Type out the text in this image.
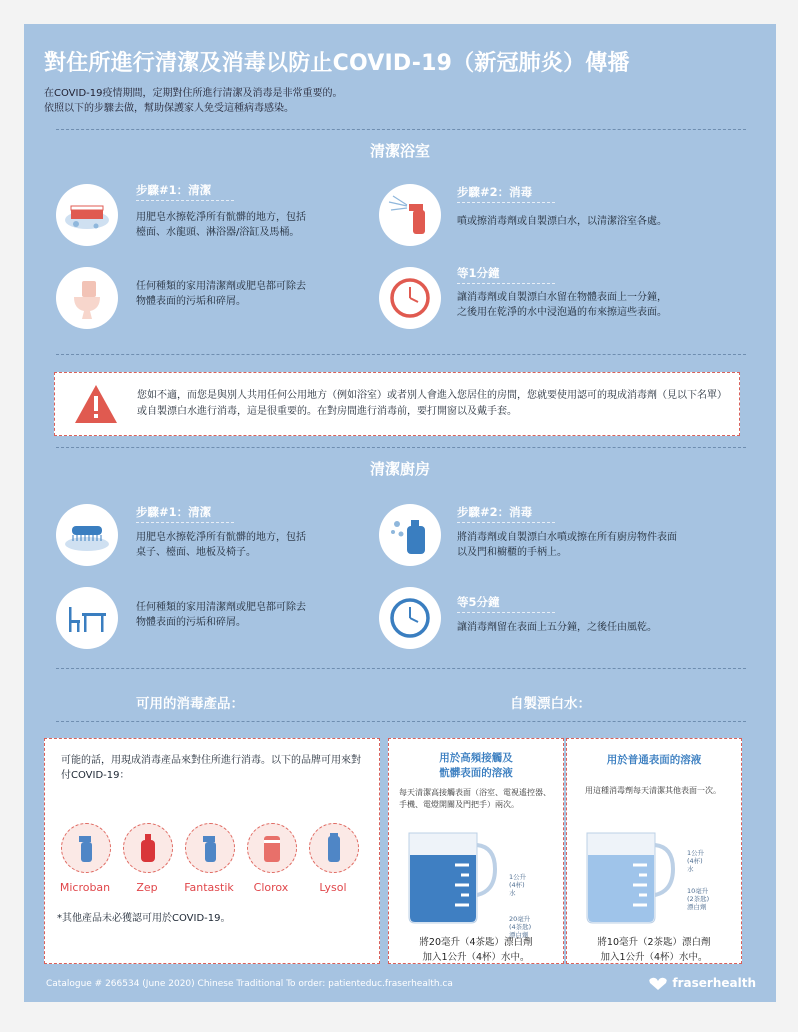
對住所進行清潔及消毒以防止COVID-19（新冠肺炎）傳播
在COVID-19疫情期間，定期對住所進行清潔及消毒是非常重要的。
依照以下的步驟去做，幫助保護家人免受這種病毒感染。
清潔浴室
步驟#1：清潔
用肥皂水擦乾淨所有骯髒的地方，包括
檯面、水龍頭、淋浴器/浴缸及馬桶。
步驟#2：消毒
噴或擦消毒劑或自製漂白水，以清潔浴室各處。
任何種類的家用清潔劑或肥皂都可除去
物體表面的污垢和碎屑。
等1分鐘
讓消毒劑或自製漂白水留在物體表面上一分鐘，
之後用在乾淨的水中浸泡過的布來擦這些表面。
您如不適，而您是與別人共用任何公用地方（例如浴室）或者別人會進入您居住的房間，您就要使用認可的現成消毒劑（見以下名單）或自製漂白水進行消毒，這是很重要的。在對房間進行消毒前，要打開窗以及戴手套。
清潔廚房
步驟#1：清潔
用肥皂水擦乾淨所有骯髒的地方，包括
桌子、檯面、地板及椅子。
步驟#2：消毒
將消毒劑或自製漂白水噴或擦在所有廚房物件表面
以及門和櫥櫃的手柄上。
任何種類的家用清潔劑或肥皂都可除去
物體表面的污垢和碎屑。
等5分鐘
讓消毒劑留在表面上五分鐘，之後任由風乾。
可用的消毒產品：	自製漂白水：
可能的話，用現成消毒產品來對住所進行消毒。以下的品牌可用來對付COVID-19：
Microban	Zep	Fantastik	Clorox	Lysol
*其他產品未必獲認可用於COVID-19。
用於高頻接觸及
骯髒表面的溶液
每天清潔高接觸表面（浴室、電視遙控器、手機、電燈開關及門把手）兩次。
1公升
(4杯)
水
20毫升
(4茶匙)
漂白劑
將20毫升（4茶匙）漂白劑
加入1公升（4杯）水中。
用於普通表面的溶液
用這種消毒劑每天清潔其他表面一次。
1公升
(4杯)
水
10毫升
(2茶匙)
漂白劑
將10毫升（2茶匙）漂白劑
加入1公升（4杯）水中。
Catalogue # 266534 (June 2020) Chinese Traditional To order: patienteduc.fraserhealth.ca	fraserhealth
